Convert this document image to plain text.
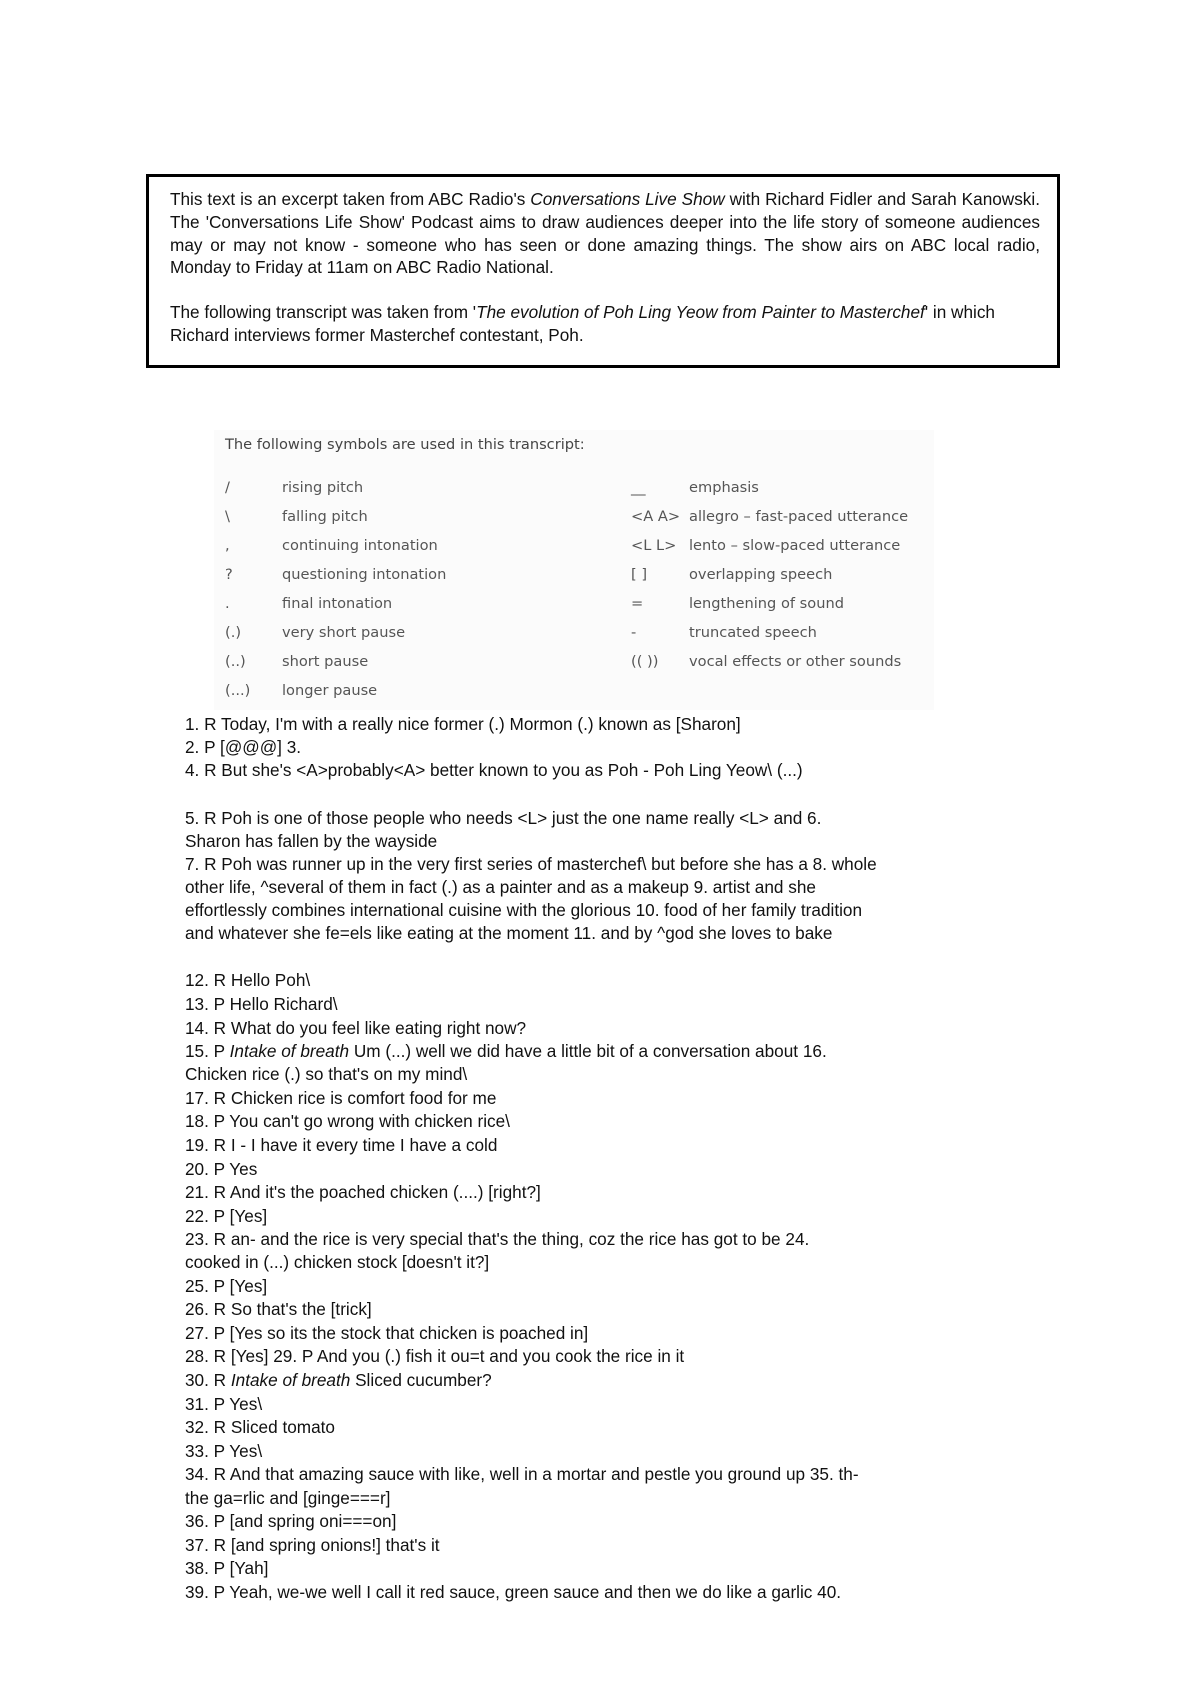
This text is an excerpt taken from ABC Radio's Conversations Live Show with Richard Fidler and Sarah Kanowski. The 'Conversations Life Show' Podcast aims to draw audiences deeper into the life story of someone audiences may or may not know - someone who has seen or done amazing things. The show airs on ABC local radio, Monday to Friday at 11am on ABC Radio National.

The following transcript was taken from 'The evolution of Poh Ling Yeow from Painter to Masterchef' in which Richard interviews former Masterchef contestant, Poh.

The following symbols are used in this transcript:
/	rising pitch
\	falling pitch
,	continuing intonation
?	questioning intonation
.	final intonation
(.)	very short pause
(..) short pause
(...) longer pause
__	emphasis
<A A> allegro – fast-paced utterance
<L L> lento – slow-paced utterance
[ ]	overlapping speech
=	lengthening of sound
-	truncated speech
(( )) vocal effects or other sounds
1. R Today, I'm with a really nice former (.) Mormon (.) known as [Sharon]
2. P [@@@] 3.
4. R But she's <A>probably<A> better known to you as Poh - Poh Ling Yeow\ (...)
5. R Poh is one of those people who needs <L> just the one name really <L> and 6.
Sharon has fallen by the wayside
7. R Poh was runner up in the very first series of masterchef\ but before she has a 8. whole
other life, ^several of them in fact (.) as a painter and as a makeup 9. artist and she
effortlessly combines international cuisine with the glorious 10. food of her family tradition
and whatever she fe=els like eating at the moment 11. and by ^god she loves to bake
12. R Hello Poh\
13. P Hello Richard\
14. R What do you feel like eating right now?
15. P Intake of breath Um (...) well we did have a little bit of a conversation about 16.
Chicken rice (.) so that's on my mind\
17. R Chicken rice is comfort food for me
18. P You can't go wrong with chicken rice\
19. R I - I have it every time I have a cold
20. P Yes
21. R And it's the poached chicken (....) [right?]
22. P [Yes]
23. R an- and the rice is very special that's the thing, coz the rice has got to be 24.
cooked in (...) chicken stock [doesn't it?]
25. P [Yes]
26. R So that's the [trick]
27. P [Yes so its the stock that chicken is poached in]
28. R [Yes] 29. P And you (.) fish it ou=t and you cook the rice in it
30. R Intake of breath Sliced cucumber?
31. P Yes\
32. R Sliced tomato
33. P Yes\
34. R And that amazing sauce with like, well in a mortar and pestle you ground up 35. th-
the ga=rlic and [ginge===r]
36. P [and spring oni===on]
37. R [and spring onions!] that's it
38. P [Yah]
39. P Yeah, we-we well I call it red sauce, green sauce and then we do like a garlic 40.
